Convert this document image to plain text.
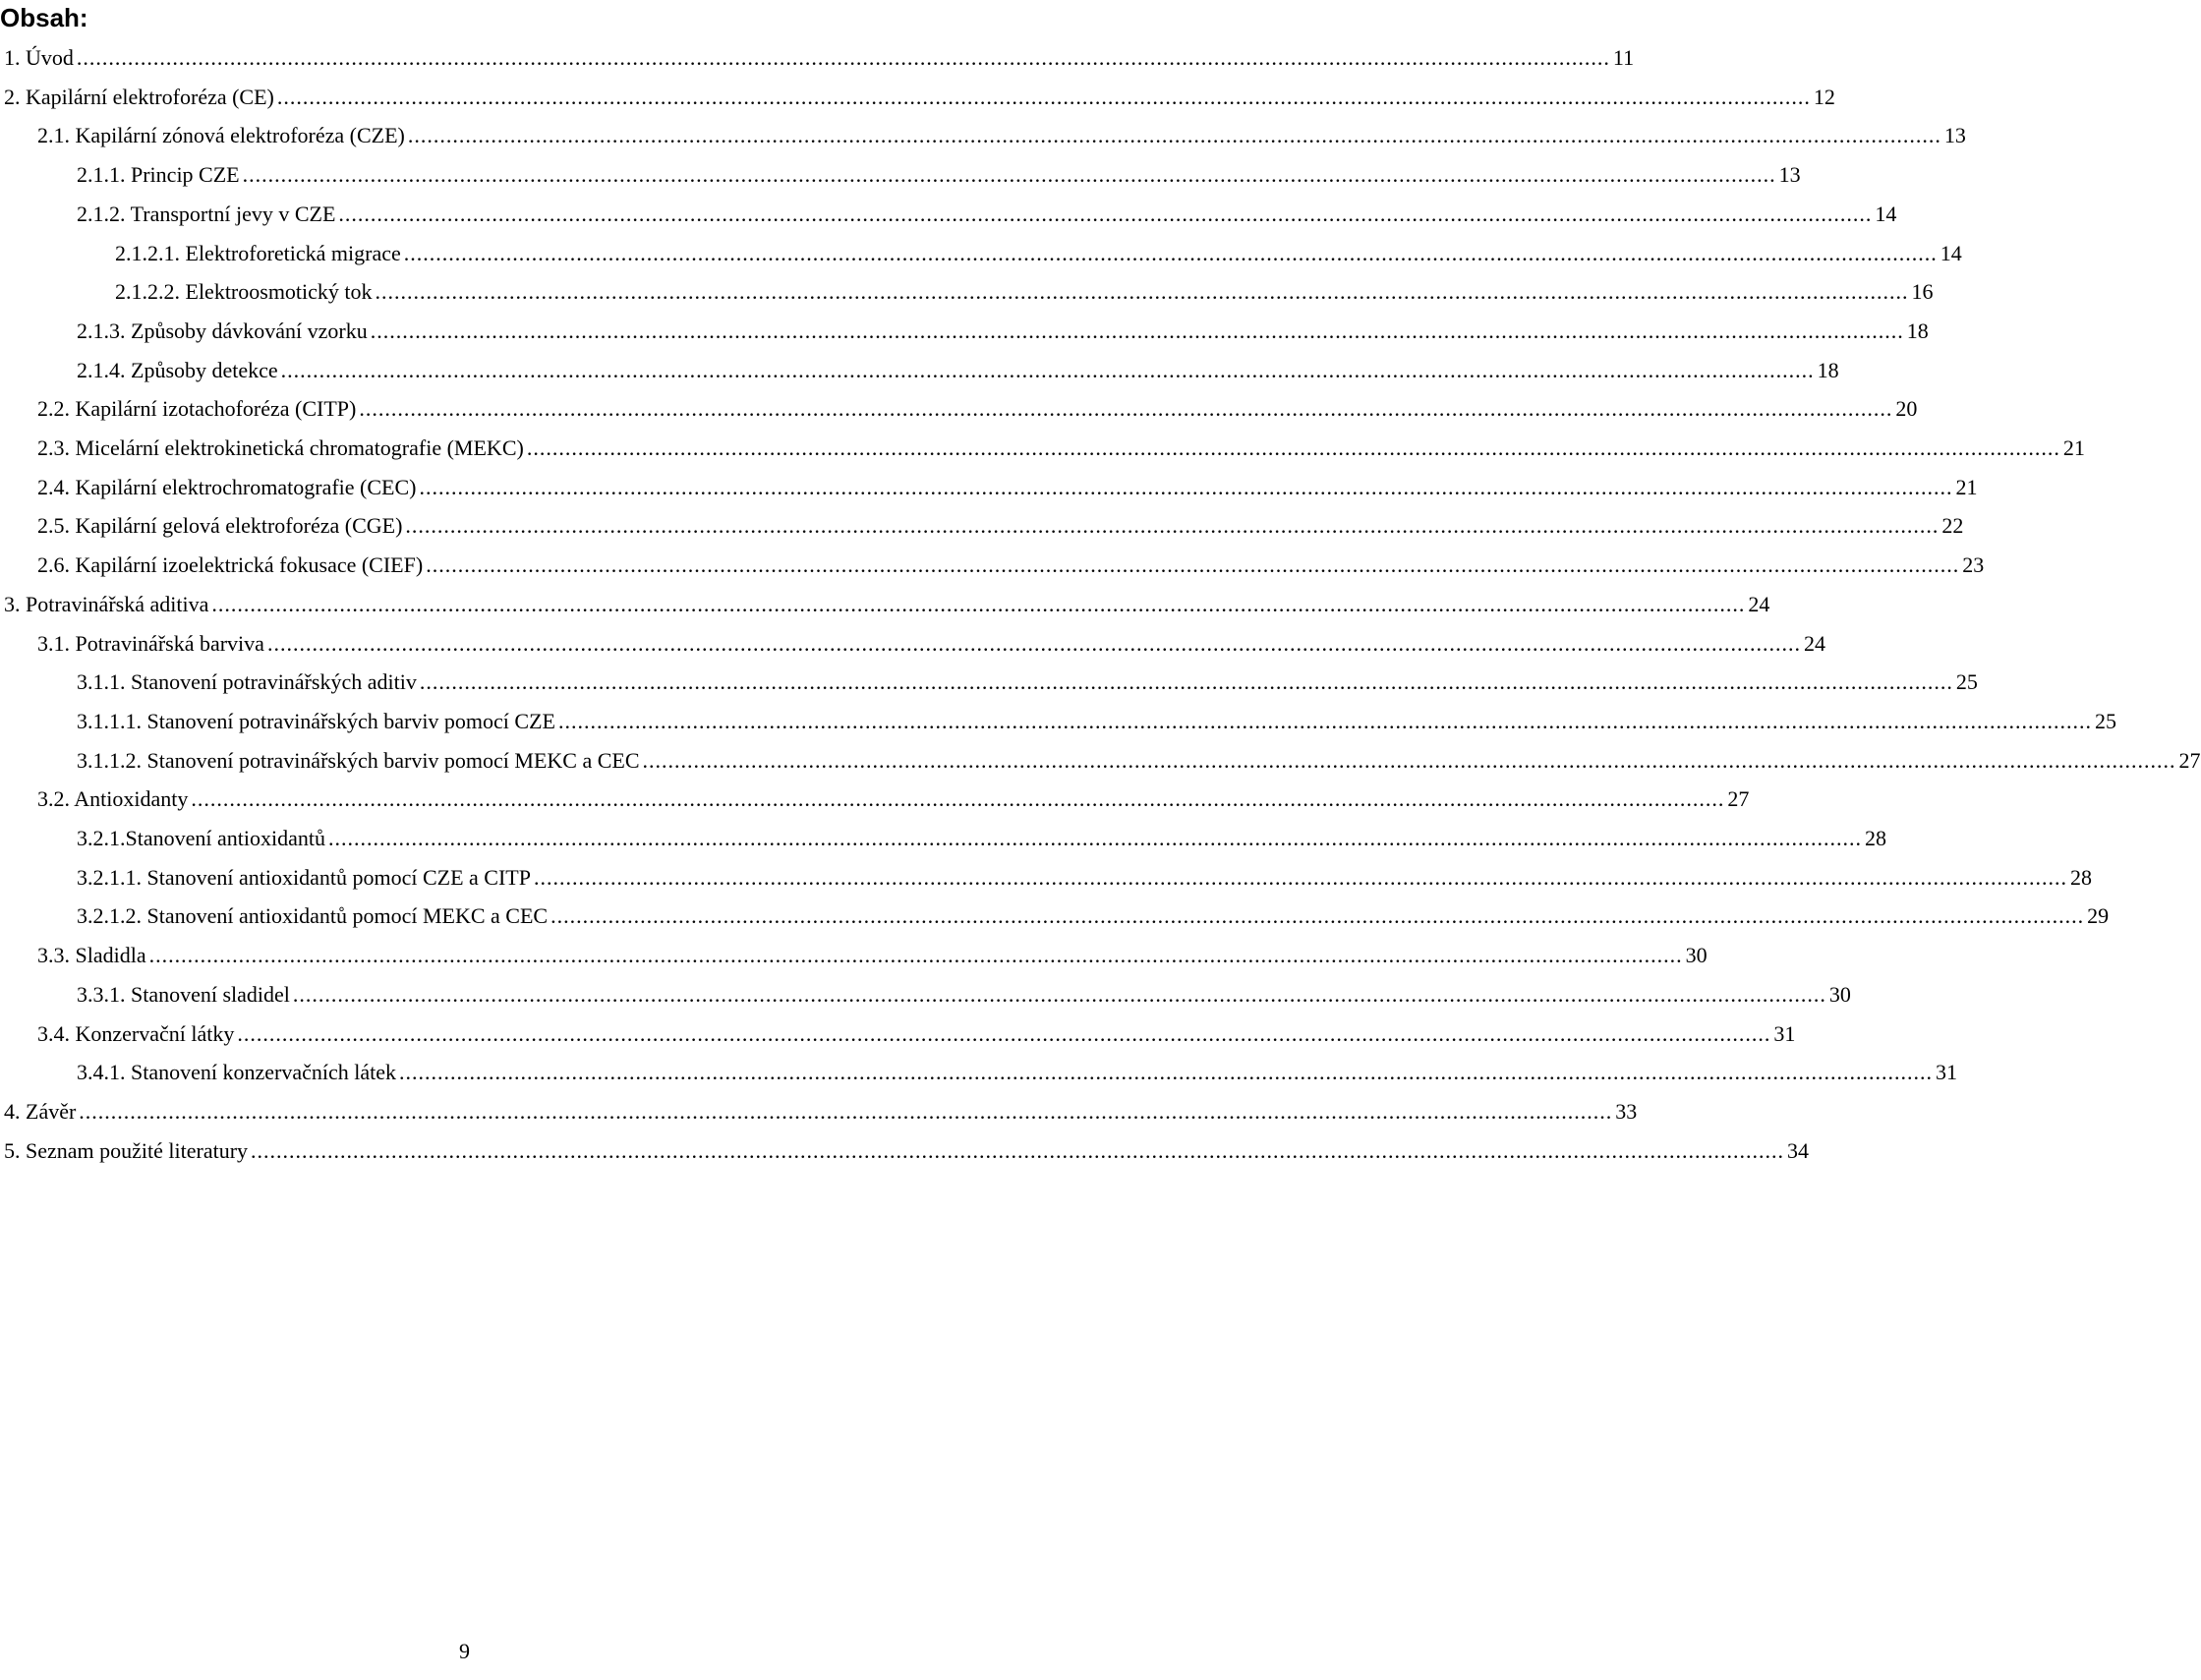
Obsah:
1. Úvod ................................................................................................................................................................................................................................................ 11
2. Kapilární elektroforéza (CE) ................................................................................................................................................................................................................................................ 12
2.1. Kapilární zónová elektroforéza (CZE) ................................................................................................................................................................................................................................................ 13
2.1.1. Princip CZE ................................................................................................................................................................................................................................................ 13
2.1.2. Transportní jevy v CZE ................................................................................................................................................................................................................................................ 14
2.1.2.1. Elektroforetická migrace ................................................................................................................................................................................................................................................ 14
2.1.2.2. Elektroosmotický tok ................................................................................................................................................................................................................................................ 16
2.1.3. Způsoby dávkování vzorku ................................................................................................................................................................................................................................................ 18
2.1.4. Způsoby detekce ................................................................................................................................................................................................................................................ 18
2.2. Kapilární izotachoforéza (CITP) ................................................................................................................................................................................................................................................ 20
2.3. Micelární elektrokinetická chromatografie (MEKC) ................................................................................................................................................................................................................................................ 21
2.4. Kapilární elektrochromatografie (CEC) ................................................................................................................................................................................................................................................ 21
2.5. Kapilární gelová elektroforéza (CGE) ................................................................................................................................................................................................................................................ 22
2.6. Kapilární izoelektrická fokusace (CIEF) ................................................................................................................................................................................................................................................ 23
3. Potravinářská aditiva ................................................................................................................................................................................................................................................ 24
3.1. Potravinářská barviva ................................................................................................................................................................................................................................................ 24
3.1.1. Stanovení potravinářských aditiv ................................................................................................................................................................................................................................................ 25
3.1.1.1. Stanovení potravinářských barviv pomocí CZE ................................................................................................................................................................................................................................................ 25
3.1.1.2. Stanovení potravinářských barviv pomocí MEKC a CEC ................................................................................................................................................................................................................................................ 27
3.2. Antioxidanty ................................................................................................................................................................................................................................................ 27
3.2.1.Stanovení antioxidantů ................................................................................................................................................................................................................................................ 28
3.2.1.1. Stanovení antioxidantů pomocí CZE a CITP ................................................................................................................................................................................................................................................ 28
3.2.1.2. Stanovení antioxidantů pomocí MEKC a CEC ................................................................................................................................................................................................................................................ 29
3.3. Sladidla ................................................................................................................................................................................................................................................ 30
3.3.1. Stanovení sladidel ................................................................................................................................................................................................................................................ 30
3.4. Konzervační látky ................................................................................................................................................................................................................................................ 31
3.4.1. Stanovení konzervačních látek ................................................................................................................................................................................................................................................ 31
4. Závěr ................................................................................................................................................................................................................................................ 33
5. Seznam použité literatury ................................................................................................................................................................................................................................................ 34
9
